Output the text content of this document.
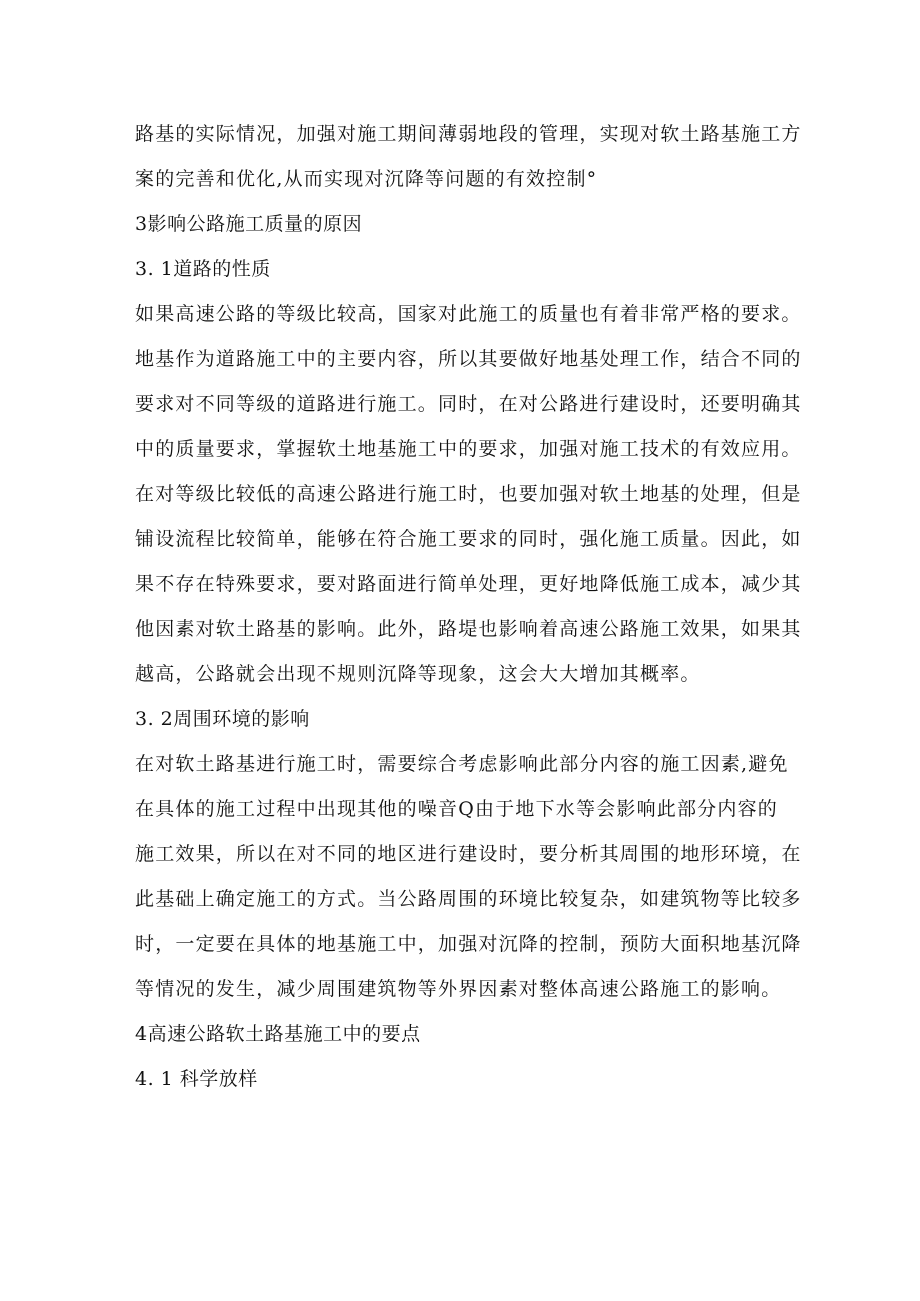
路基的实际情况，加强对施工期间薄弱地段的管理，实现对软土路基施工方
案的完善和优化,从而实现对沉降等问题的有效控制°
3影响公路施工质量的原因
3. 1道路的性质
如果高速公路的等级比较高，国家对此施工的质量也有着非常严格的要求。
地基作为道路施工中的主要内容，所以其要做好地基处理工作，结合不同的
要求对不同等级的道路进行施工。同时，在对公路进行建设时，还要明确其
中的质量要求，掌握软土地基施工中的要求，加强对施工技术的有效应用。
在对等级比较低的高速公路进行施工时，也要加强对软土地基的处理，但是
铺设流程比较简单，能够在符合施工要求的同时，强化施工质量。因此，如
果不存在特殊要求，要对路面进行简单处理，更好地降低施工成本，减少其
他因素对软土路基的影响。此外，路堤也影响着高速公路施工效果，如果其
越高，公路就会出现不规则沉降等现象，这会大大增加其概率。
3. 2周围环境的影响
在对软土路基进行施工时，需要综合考虑影响此部分内容的施工因素,避免
在具体的施工过程中出现其他的噪音Q由于地下水等会影响此部分内容的
施工效果，所以在对不同的地区进行建设时，要分析其周围的地形环境，在
此基础上确定施工的方式。当公路周围的环境比较复杂，如建筑物等比较多
时，一定要在具体的地基施工中，加强对沉降的控制，预防大面积地基沉降
等情况的发生，减少周围建筑物等外界因素对整体高速公路施工的影响。
4高速公路软土路基施工中的要点
4. 1 科学放样
